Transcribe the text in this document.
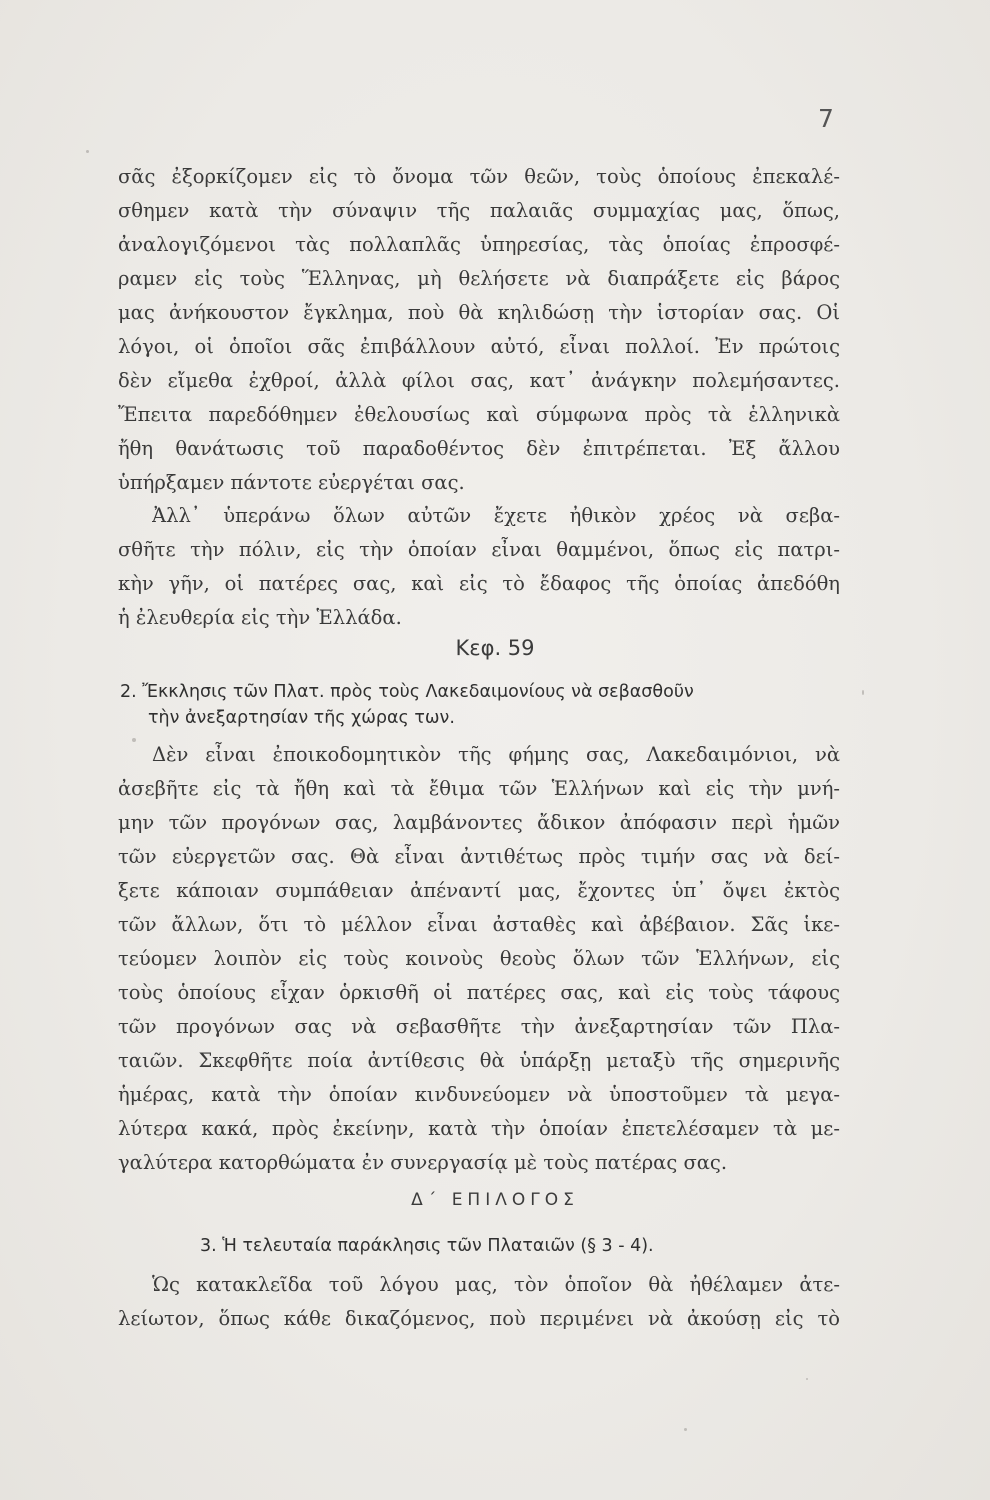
7

σᾶς ἐξορκίζομεν εἰς τὸ ὄνομα τῶν θεῶν, τοὺς ὁποίους ἐπεκαλέ-

σθημεν κατὰ τὴν σύναψιν τῆς παλαιᾶς συμμαχίας μας, ὅπως,

ἀναλογιζόμενοι τὰς πολλαπλᾶς ὑπηρεσίας, τὰς ὁποίας ἐπροσφέ-

ραμεν εἰς τοὺς Ἕλληνας, μὴ θελήσετε νὰ διαπράξετε εἰς βάρος

μας ἀνήκουστον ἔγκλημα, ποὺ θὰ κηλιδώσῃ τὴν ἱστορίαν σας. Οἱ

λόγοι, οἱ ὁποῖοι σᾶς ἐπιβάλλουν αὐτό, εἶναι πολλοί. Ἐν πρώτοις

δὲν εἴμεθα ἐχθροί, ἀλλὰ φίλοι σας, κατ᾽ ἀνάγκην πολεμήσαντες.

Ἔπειτα παρεδόθημεν ἐθελουσίως καὶ σύμφωνα πρὸς τὰ ἑλληνικὰ

ἤθη θανάτωσις τοῦ παραδοθέντος δὲν ἐπιτρέπεται. Ἐξ ἄλλου

ὑπήρξαμεν πάντοτε εὐεργέται σας.

Ἀλλ᾽ ὑπεράνω ὅλων αὐτῶν ἔχετε ἠθικὸν χρέος νὰ σεβα-

σθῆτε τὴν πόλιν, εἰς τὴν ὁποίαν εἶναι θαμμένοι, ὅπως εἰς πατρι-

κὴν γῆν, οἱ πατέρες σας, καὶ εἰς τὸ ἔδαφος τῆς ὁποίας ἀπεδόθη

ἡ ἐλευθερία εἰς τὴν Ἑλλάδα.

Κεφ. 59
2. Ἔκκλησις τῶν Πλατ. πρὸς τοὺς Λακεδαιμονίους νὰ σεβασθοῦν
τὴν ἀνεξαρτησίαν τῆς χώρας των.

Δὲν εἶναι ἐποικοδομητικὸν τῆς φήμης σας, Λακεδαιμόνιοι, νὰ

ἀσεβῆτε εἰς τὰ ἤθη καὶ τὰ ἔθιμα τῶν Ἑλλήνων καὶ εἰς τὴν μνή-

μην τῶν προγόνων σας, λαμβάνοντες ἄδικον ἀπόφασιν περὶ ἡμῶν

τῶν εὐεργετῶν σας. Θὰ εἶναι ἀντιθέτως πρὸς τιμήν σας νὰ δεί-

ξετε κάποιαν συμπάθειαν ἀπέναντί μας, ἔχοντες ὑπ᾽ ὄψει ἐκτὸς

τῶν ἄλλων, ὅτι τὸ μέλλον εἶναι ἀσταθὲς καὶ ἀβέβαιον. Σᾶς ἱκε-

τεύομεν λοιπὸν εἰς τοὺς κοινοὺς θεοὺς ὅλων τῶν Ἑλλήνων, εἰς

τοὺς ὁποίους εἶχαν ὁρκισθῆ οἱ πατέρες σας, καὶ εἰς τοὺς τάφους

τῶν προγόνων σας νὰ σεβασθῆτε τὴν ἀνεξαρτησίαν τῶν Πλα-

ταιῶν. Σκεφθῆτε ποία ἀντίθεσις θὰ ὑπάρξῃ μεταξὺ τῆς σημερινῆς

ἡμέρας, κατὰ τὴν ὁποίαν κινδυνεύομεν νὰ ὑποστοῦμεν τὰ μεγα-

λύτερα κακά, πρὸς ἐκείνην, κατὰ τὴν ὁποίαν ἐπετελέσαμεν τὰ με-

γαλύτερα κατορθώματα ἐν συνεργασίᾳ μὲ τοὺς πατέρας σας.

Δ΄ ΕΠΙΛΟΓΟΣ
3. Ἡ τελευταία παράκλησις τῶν Πλαταιῶν (§ 3 - 4).

Ὡς κατακλεῖδα τοῦ λόγου μας, τὸν ὁποῖον θὰ ἠθέλαμεν ἀτε-

λείωτον, ὅπως κάθε δικαζόμενος, ποὺ περιμένει νὰ ἀκούσῃ εἰς τὸ
